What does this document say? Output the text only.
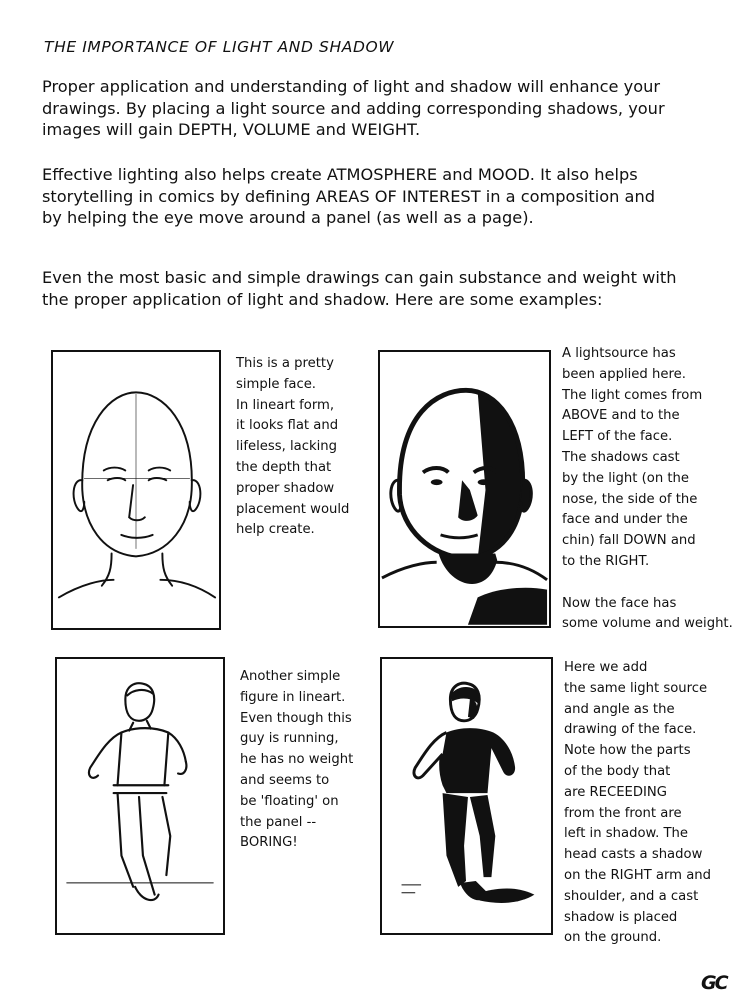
THE IMPORTANCE OF LIGHT AND SHADOW

Proper application and understanding of light and shadow will enhance your
drawings. By placing a light source and adding corresponding shadows, your
images will gain DEPTH, VOLUME and WEIGHT.

Effective lighting also helps create ATMOSPHERE and MOOD. It also helps
storytelling in comics by defining AREAS OF INTEREST in a composition and
by helping the eye move around a panel (as well as a page).

Even the most basic and simple drawings can gain substance and weight with
the proper application of light and shadow. Here are some examples:

This is a pretty
simple face.
In lineart form,
it looks flat and
lifeless, lacking
the depth that
proper shadow
placement would
help create.

A lightsource has
been applied here.
The light comes from
ABOVE and to the
LEFT of the face.
The shadows cast
by the light (on the
nose, the side of the
face and under the
chin) fall DOWN and
to the RIGHT.
Now the face has
some volume and weight.

Another simple
figure in lineart.
Even though this
guy is running,
he has no weight
and seems to
be 'floating' on
the panel --
BORING!

Here we add
the same light source
and angle as the
drawing of the face.
Note how the parts
of the body that
are RECEEDING
from the front are
left in shadow. The
head casts a shadow
on the RIGHT arm and
shoulder, and a cast
shadow is placed
on the ground.

GC
